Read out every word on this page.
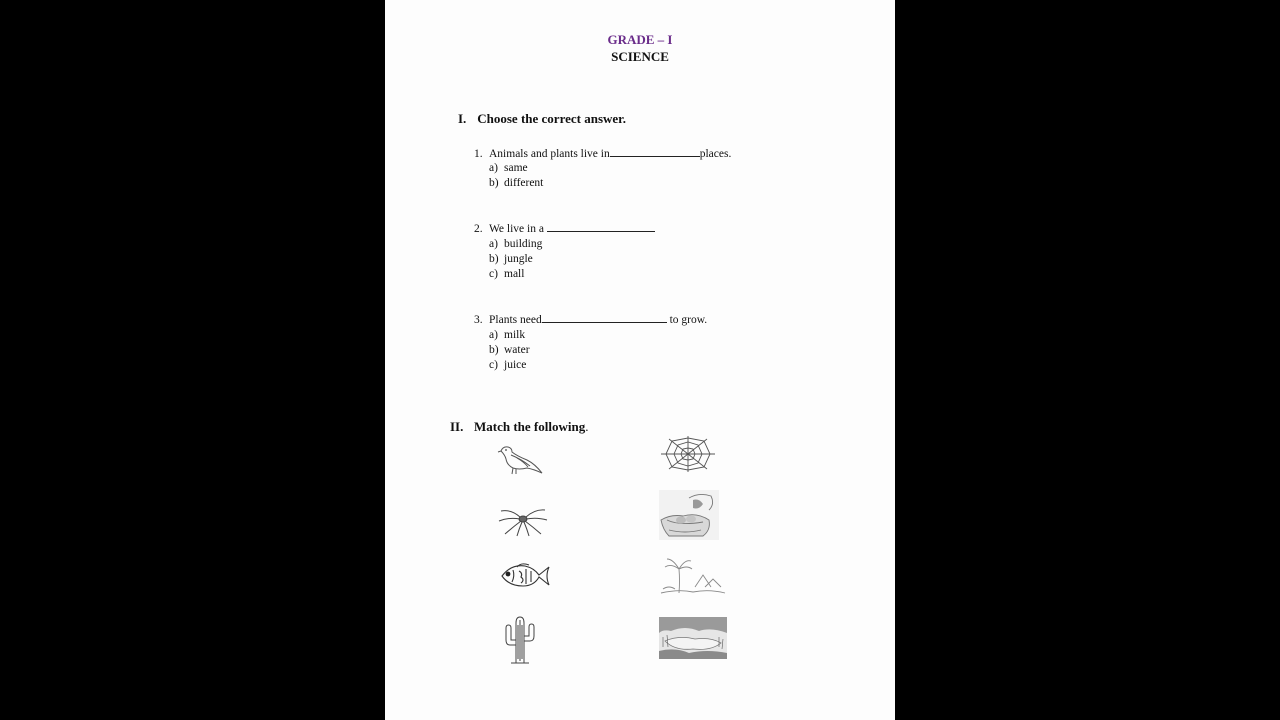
GRADE – I
SCIENCE
I. Choose the correct answer.
1. Animals and plants live in	places.
a) same
b) different
2. We live in a
a) building
b) jungle
c) mall
3. Plants need	to grow.
a) milk
b) water
c) juice
II. Match the following.
